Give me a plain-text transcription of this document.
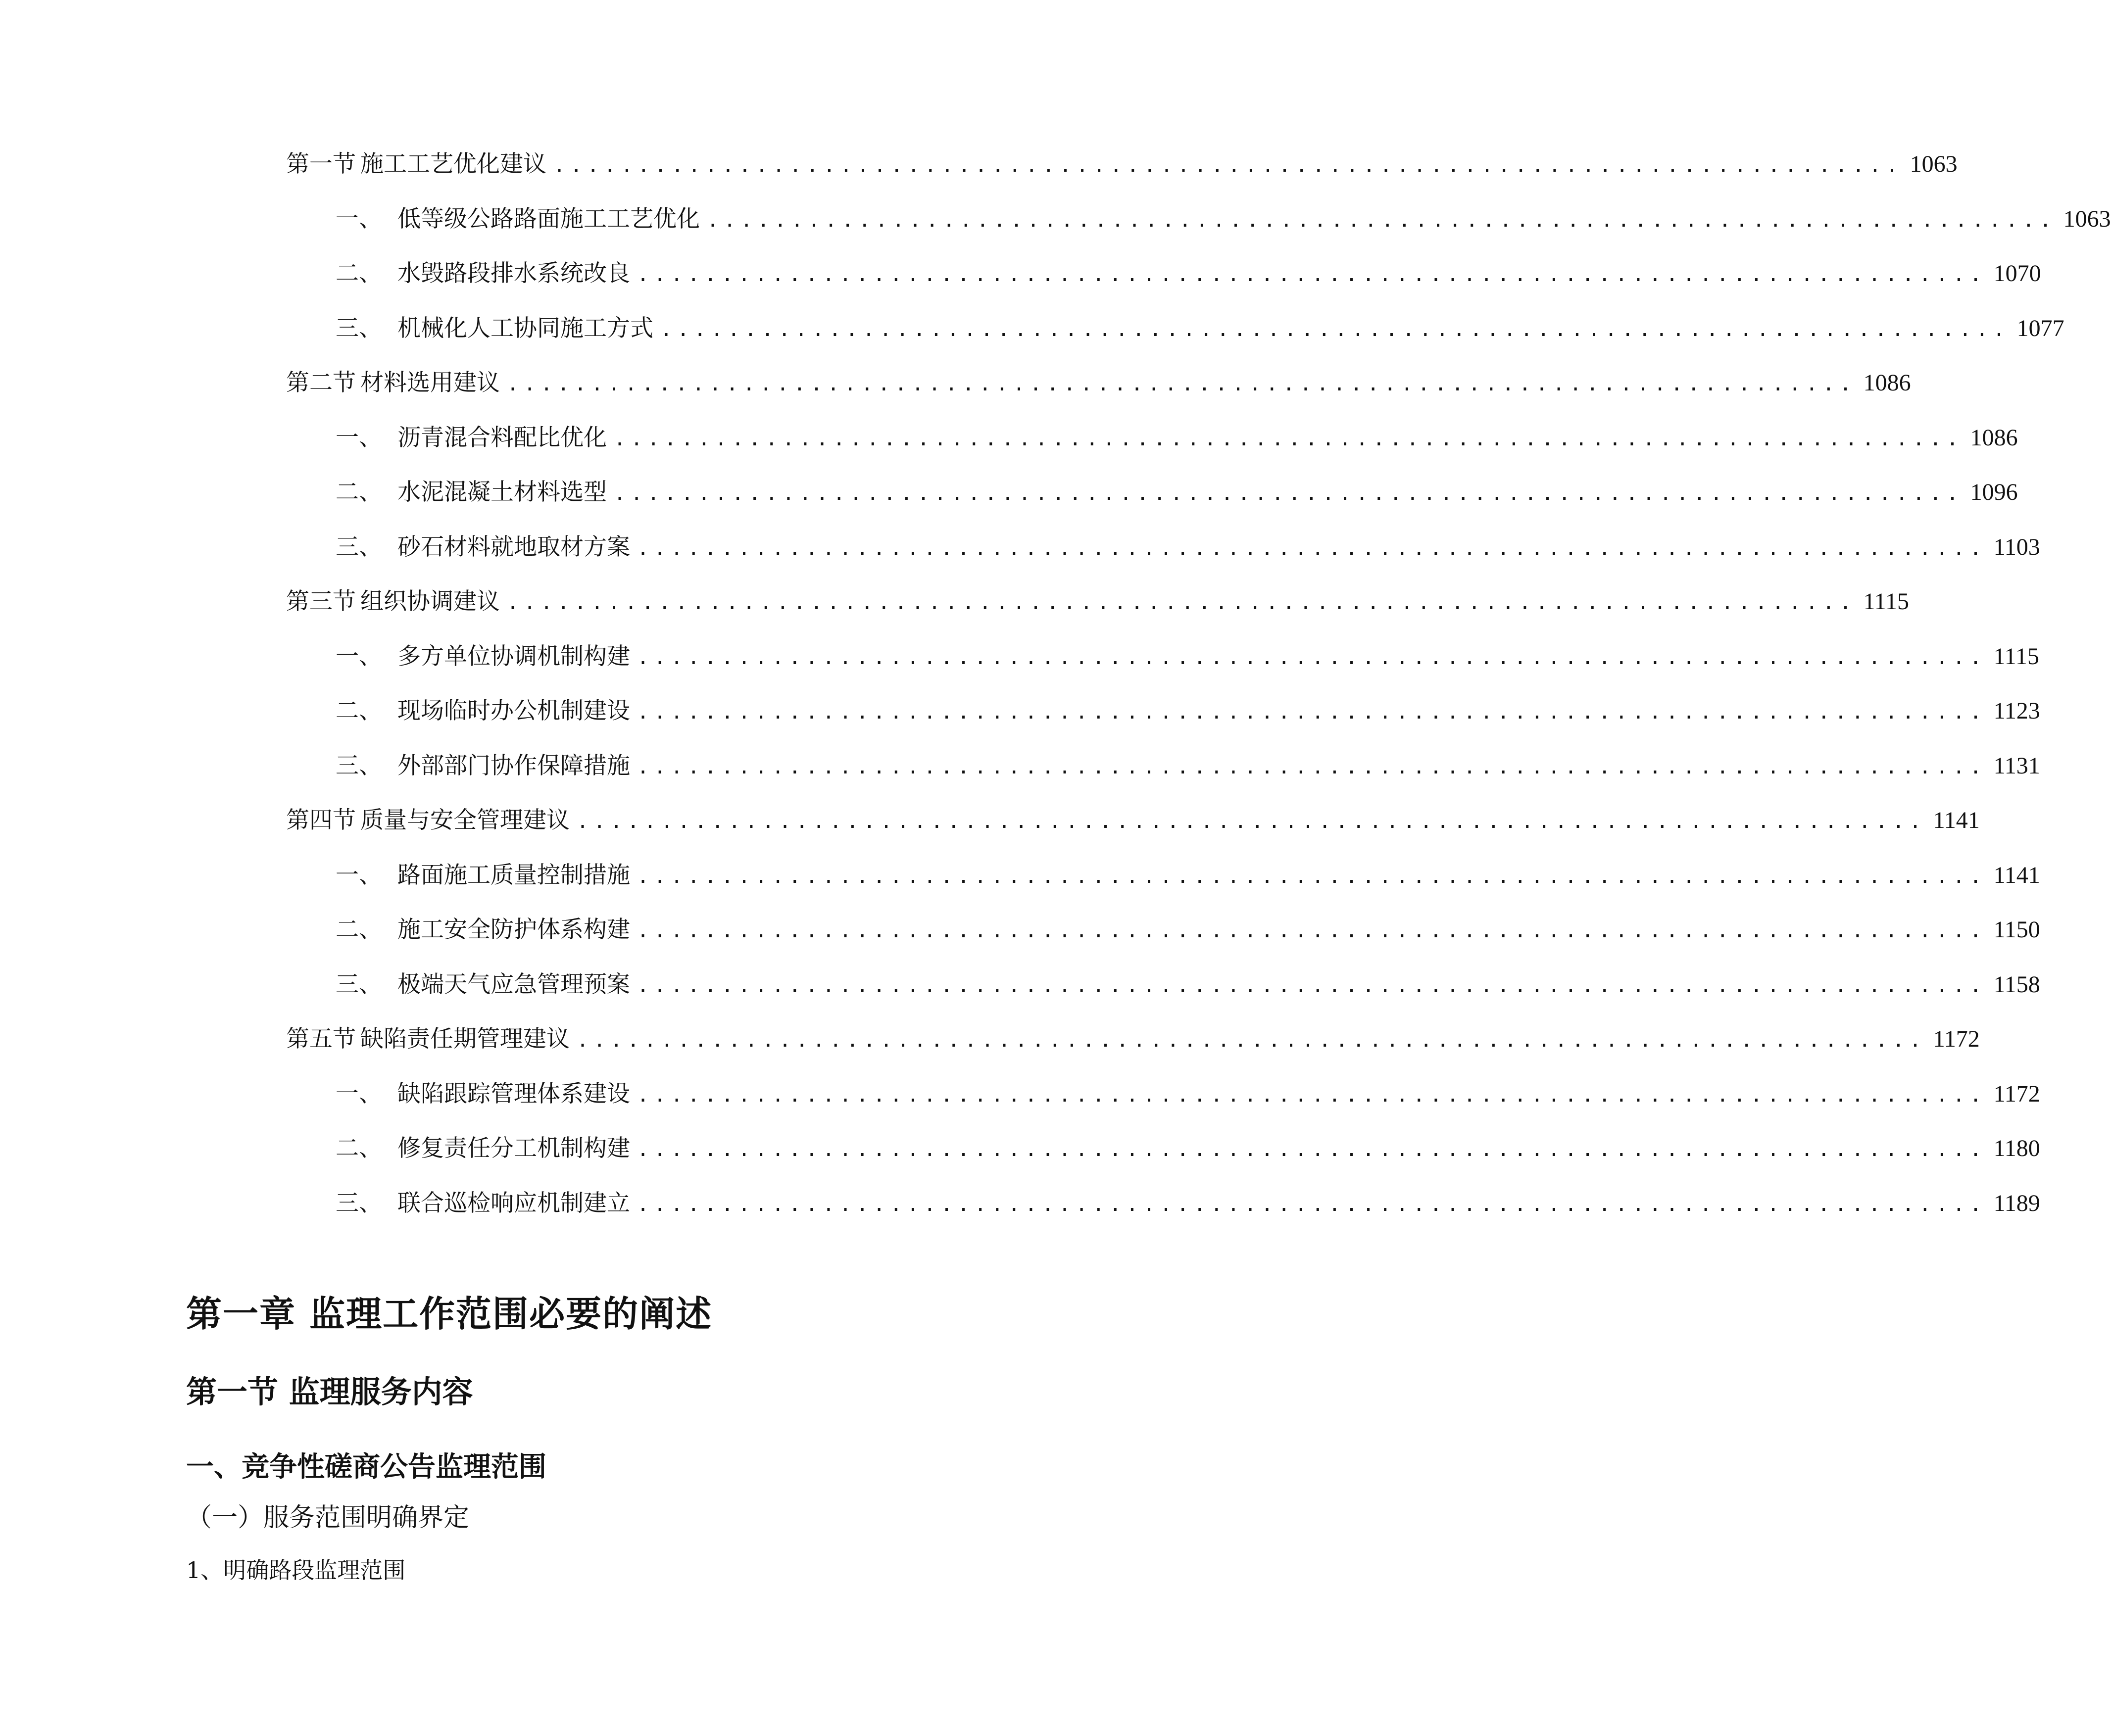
第一节 施工工艺优化建议 ................................................................................ 1063
一、 低等级公路路面施工工艺优化 ................................................................................ 1063
二、 水毁路段排水系统改良 ................................................................................ 1070
三、 机械化人工协同施工方式 ................................................................................ 1077
第二节 材料选用建议 ................................................................................ 1086
一、 沥青混合料配比优化 ................................................................................ 1086
二、 水泥混凝土材料选型 ................................................................................ 1096
三、 砂石材料就地取材方案 ................................................................................ 1103
第三节 组织协调建议 ................................................................................ 1115
一、 多方单位协调机制构建 ................................................................................ 1115
二、 现场临时办公机制建设 ................................................................................ 1123
三、 外部部门协作保障措施 ................................................................................ 1131
第四节 质量与安全管理建议 ................................................................................ 1141
一、 路面施工质量控制措施 ................................................................................ 1141
二、 施工安全防护体系构建 ................................................................................ 1150
三、 极端天气应急管理预案 ................................................................................ 1158
第五节 缺陷责任期管理建议 ................................................................................ 1172
一、 缺陷跟踪管理体系建设 ................................................................................ 1172
二、 修复责任分工机制构建 ................................................................................ 1180
三、 联合巡检响应机制建立 ................................................................................ 1189
第一章 监理工作范围必要的阐述
第一节 监理服务内容
一、竞争性磋商公告监理范围
（一）服务范围明确界定
1、明确路段监理范围
